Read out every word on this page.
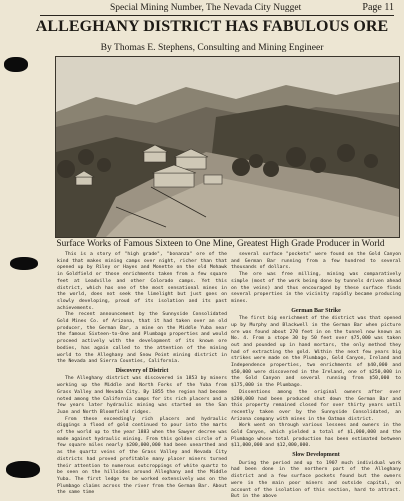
Special Mining Number, The Nevada City Nugget	Page 11
ALLEGHANY DISTRICT HAS FABULOUS ORE
By Thomas E. Stephens, Consulting and Mining Engineer
Surface Works of Famous Sixteen to One Mine, Greatest High Grade Producer in World

This is a story of "high grade", "bonanza" ore of the kind that makes mining camps over night, richer than that opened up by Riley or Hayes and Monette on the old Mohawk in Goldfield or those enrichments taken from a few square feet at Leadville and other Colorado camps. Yet this district, which has one of the most sensational mines in the world, does not seek the limelight but just goes on slowly developing, proud of its isolation and its past achievements.

The recent announcement by the Sunnyside Consolidated Gold Mines Co. of Arizona, that it had taken over an old producer, the German Bar, a mine on the Middle Yuba near the famous Sixteen-to-One and Plumbago properties and would proceed actively with the development of its known ore bodies, has again called to the attention of the mining world to the Alleghany and Snow Point mining district in the Nevada and Sierra Counties, California.

Discovery of District

The Alleghany district was discovered in 1853 by miners working up the Middle and North Forks of the Yuba from Grass Valley and Nevada City. By 1855 the region had become noted among the California camps for its rich placers and a few years later hydraulic mining was started on the San Juan and North Bloomfield ridges.

From these exceedingly rich placers and hydraulic diggings a flood of gold continued to pour into the marts of the world up to the year 1883 when the Sawyer decree was made against hydraulic mining. From this golden circle of a few square miles nearly $200,000,000 had been unearthed and as the quartz veins of the Grass Valley and Nevada City districts had proved profitable many placer miners turned their attention to numerous outcroppings of white quartz to be seen on the hillsides around Alleghany and the Middle Yuba. The first ledge to be worked extensively was on the Plumbago claims across the river from the German Bar. About the same time

several surface "pockets" were found on the Gold Canyon and German Bar running from a few hundred to several thousands of dollars.

The ore was free milling, mining was comparatively simple (most of the work being done by tunnels driven ahead on the veins) and thus encouraged by these surface finds several properties in the vicinity rapidly became producing mines.

German Bar Strike

The first big enrichment of the district was that opened up by Murphy and Blackwell in the German Bar when picture ore was found about 270 feet in on the tunnel now known as No. 4. From a stope 30 by 50 feet over $75,000 was taken out and pounded up in hand mortars, the only method they had of extracting the gold. Within the next few years big strikes were made on the Plumbago, Gold Canyon, Ireland and Independence properties, two enrichments of $40,000 and $50,000 were discovered in the Ireland, one of $250,000 in the Gold Canyon and several running from $50,000 to $175,000 in the Plumbago.

Dissentions among the original owners after over $200,000 had been produced shut down the German Bar and this property remained closed for over thirty years until recently taken over by the Sunnyside Consolidated, an Arizona company with mines in the Oatman district.

Work went on through various lessees and owners in the Gold Canyon, which yielded a total of $1,000,000 and the Plumbago whose total production has been estimated between $11,000,000 and $12,000,000.

Slow Development

During the period and up to 1907 much individual work had been done in the northern part of the Alleghany district and a few surface pockets found but the owners were in the main poor miners and outside capital, on account of the isolation of this section, hard to attract. But in the above
